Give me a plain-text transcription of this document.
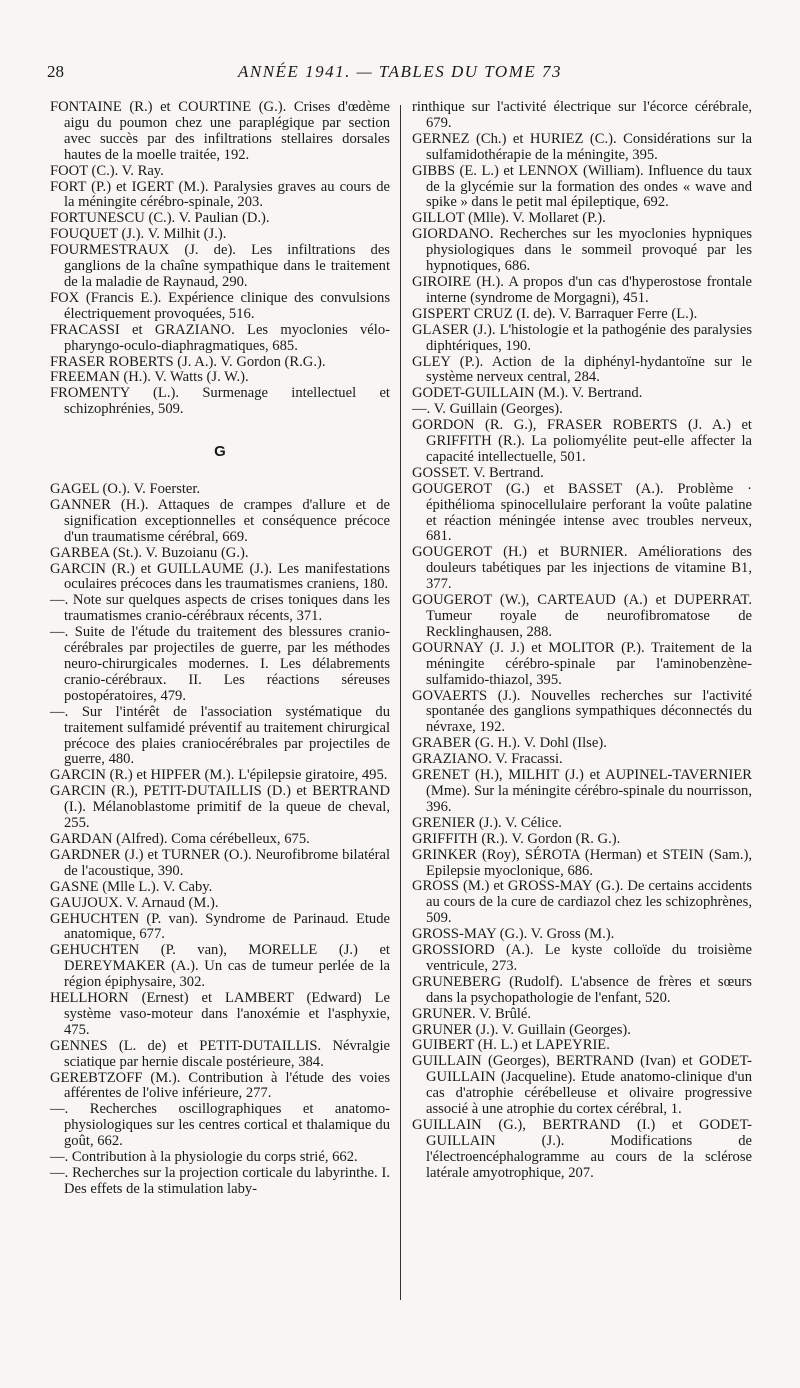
28	ANNÉE 1941. — TABLES DU TOME 73

FONTAINE (R.) et COURTINE (G.). Crises d'œdème aigu du poumon chez une paraplégique par section avec succès par des infiltrations stellaires dorsales hautes de la moelle traitée, 192.

FOOT (C.). V. Ray.

FORT (P.) et IGERT (M.). Paralysies graves au cours de la méningite cérébro-spinale, 203.

FORTUNESCU (C.). V. Paulian (D.).

FOUQUET (J.). V. Milhit (J.).

FOURMESTRAUX (J. de). Les infiltrations des ganglions de la chaîne sympathique dans le traitement de la maladie de Raynaud, 290.

FOX (Francis E.). Expérience clinique des convulsions électriquement provoquées, 516.

FRACASSI et GRAZIANO. Les myoclonies vélo-pharyngo-oculo-diaphragmatiques, 685.

FRASER ROBERTS (J. A.). V. Gordon (R.G.).

FREEMAN (H.). V. Watts (J. W.).

FROMENTY (L.). Surmenage intellectuel et schizophrénies, 509.

G

GAGEL (O.). V. Foerster.

GANNER (H.). Attaques de crampes d'allure et de signification exceptionnelles et conséquence précoce d'un traumatisme cérébral, 669.

GARBEA (St.). V. Buzoianu (G.).

GARCIN (R.) et GUILLAUME (J.). Les manifestations oculaires précoces dans les traumatismes craniens, 180.

—. Note sur quelques aspects de crises toniques dans les traumatismes cranio-cérébraux récents, 371.

—. Suite de l'étude du traitement des blessures cranio-cérébrales par projectiles de guerre, par les méthodes neuro-chirurgicales modernes. I. Les délabrements cranio-cérébraux. II. Les réactions séreuses postopératoires, 479.

—. Sur l'intérêt de l'association systématique du traitement sulfamidé préventif au traitement chirurgical précoce des plaies craniocérébrales par projectiles de guerre, 480.

GARCIN (R.) et HIPFER (M.). L'épilepsie giratoire, 495.

GARCIN (R.), PETIT-DUTAILLIS (D.) et BERTRAND (I.). Mélanoblastome primitif de la queue de cheval, 255.

GARDAN (Alfred). Coma cérébelleux, 675.

GARDNER (J.) et TURNER (O.). Neurofibrome bilatéral de l'acoustique, 390.

GASNE (Mlle L.). V. Caby.

GAUJOUX. V. Arnaud (M.).

GEHUCHTEN (P. van). Syndrome de Parinaud. Etude anatomique, 677.

GEHUCHTEN (P. van), MORELLE (J.) et DEREYMAKER (A.). Un cas de tumeur perlée de la région épiphysaire, 302.

HELLHORN (Ernest) et LAMBERT (Edward) Le système vaso-moteur dans l'anoxémie et l'asphyxie, 475.

GENNES (L. de) et PETIT-DUTAILLIS. Névralgie sciatique par hernie discale postérieure, 384.

GEREBTZOFF (M.). Contribution à l'étude des voies afférentes de l'olive inférieure, 277.

—. Recherches oscillographiques et anatomo-physiologiques sur les centres cortical et thalamique du goût, 662.

—. Contribution à la physiologie du corps strié, 662.

—. Recherches sur la projection corticale du labyrinthe. I. Des effets de la stimulation laby-

rinthique sur l'activité électrique sur l'écorce cérébrale, 679.

GERNEZ (Ch.) et HURIEZ (C.). Considérations sur la sulfamidothérapie de la méningite, 395.

GIBBS (E. L.) et LENNOX (William). Influence du taux de la glycémie sur la formation des ondes « wave and spike » dans le petit mal épileptique, 692.

GILLOT (Mlle). V. Mollaret (P.).

GIORDANO. Recherches sur les myoclonies hypniques physiologiques dans le sommeil provoqué par les hypnotiques, 686.

GIROIRE (H.). A propos d'un cas d'hyperostose frontale interne (syndrome de Morgagni), 451.

GISPERT CRUZ (I. de). V. Barraquer Ferre (L.).

GLASER (J.). L'histologie et la pathogénie des paralysies diphtériques, 190.

GLEY (P.). Action de la diphényl-hydantoïne sur le système nerveux central, 284.

GODET-GUILLAIN (M.). V. Bertrand.

—. V. Guillain (Georges).

GORDON (R. G.), FRASER ROBERTS (J. A.) et GRIFFITH (R.). La poliomyélite peut-elle affecter la capacité intellectuelle, 501.

GOSSET. V. Bertrand.

GOUGEROT (G.) et BASSET (A.). Problème · épithélioma spinocellulaire perforant la voûte palatine et réaction méningée intense avec troubles nerveux, 681.

GOUGEROT (H.) et BURNIER. Améliorations des douleurs tabétiques par les injections de vitamine B1, 377.

GOUGEROT (W.), CARTEAUD (A.) et DUPERRAT. Tumeur royale de neurofibromatose de Recklinghausen, 288.

GOURNAY (J. J.) et MOLITOR (P.). Traitement de la méningite cérébro-spinale par l'aminobenzène-sulfamido-thiazol, 395.

GOVAERTS (J.). Nouvelles recherches sur l'activité spontanée des ganglions sympathiques déconnectés du névraxe, 192.

GRABER (G. H.). V. Dohl (Ilse).

GRAZIANO. V. Fracassi.

GRENET (H.), MILHIT (J.) et AUPINEL-TAVERNIER (Mme). Sur la méningite cérébro-spinale du nourrisson, 396.

GRENIER (J.). V. Célice.

GRIFFITH (R.). V. Gordon (R. G.).

GRINKER (Roy), SÉROTA (Herman) et STEIN (Sam.), Epilepsie myoclonique, 686.

GROSS (M.) et GROSS-MAY (G.). De certains accidents au cours de la cure de cardiazol chez les schizophrènes, 509.

GROSS-MAY (G.). V. Gross (M.).

GROSSIORD (A.). Le kyste colloïde du troisième ventricule, 273.

GRUNEBERG (Rudolf). L'absence de frères et sœurs dans la psychopathologie de l'enfant, 520.

GRUNER. V. Brûlé.

GRUNER (J.). V. Guillain (Georges).

GUIBERT (H. L.) et LAPEYRIE.

GUILLAIN (Georges), BERTRAND (Ivan) et GODET-GUILLAIN (Jacqueline). Etude anatomo-clinique d'un cas d'atrophie cérébelleuse et olivaire progressive associé à une atrophie du cortex cérébral, 1.

GUILLAIN (G.), BERTRAND (I.) et GODET-GUILLAIN (J.). Modifications de l'électroencéphalogramme au cours de la sclérose latérale amyotrophique, 207.
